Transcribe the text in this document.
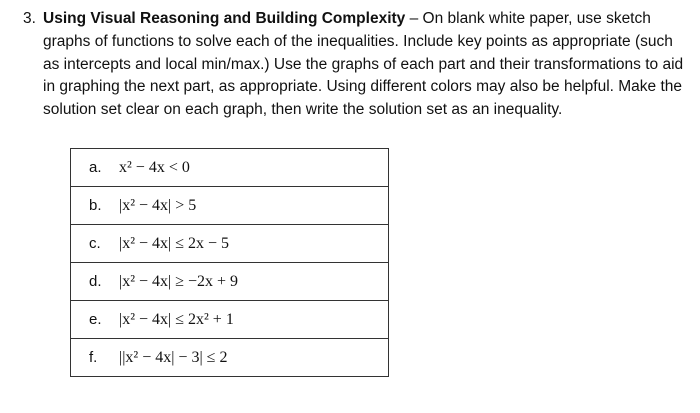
3. Using Visual Reasoning and Building Complexity – On blank white paper, use sketch graphs of functions to solve each of the inequalities. Include key points as appropriate (such as intercepts and local min/max.) Use the graphs of each part and their transformations to aid in graphing the next part, as appropriate. Using different colors may also be helpful. Make the solution set clear on each graph, then write the solution set as an inequality.
a. x² − 4x < 0
b. |x² − 4x| > 5
c. |x² − 4x| ≤ 2x − 5
d. |x² − 4x| ≥ −2x + 9
e. |x² − 4x| ≤ 2x² + 1
f. ||x² − 4x| − 3| ≤ 2
